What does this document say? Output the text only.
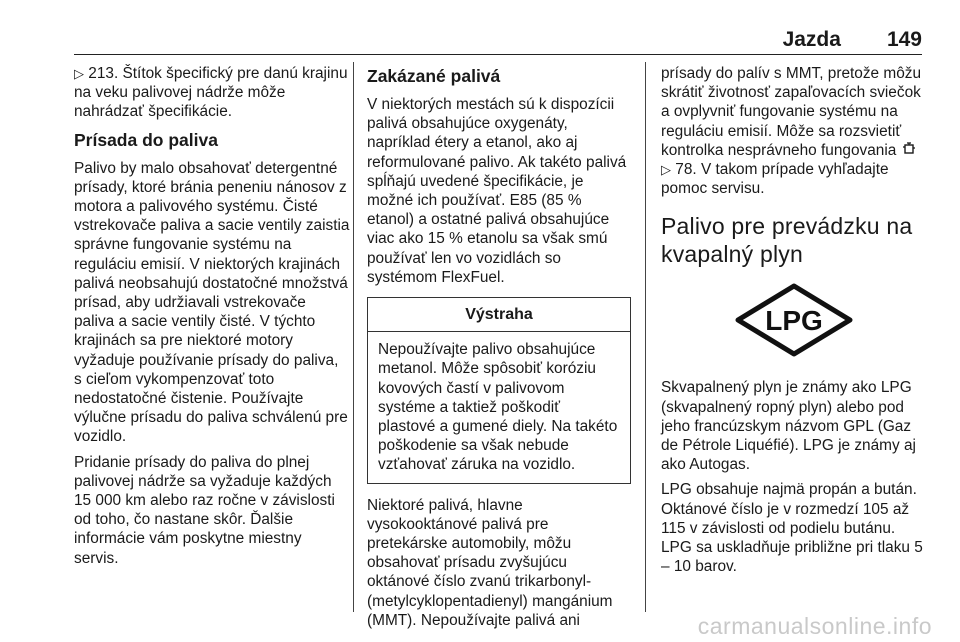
Jazda 149

▷ 213. Štítok špecifický pre danú krajinu na veku palivovej nádrže môže nahrádzať špecifikácie.

Prísada do paliva

Palivo by malo obsahovať detergentné prísady, ktoré bránia peneniu nánosov z motora a palivového systému. Čisté vstrekovače paliva a sacie ventily zaistia správne fungovanie systému na reguláciu emisií. V niektorých krajinách palivá neobsahujú dostatočné množstvá prísad, aby udržiavali vstrekovače paliva a sacie ventily čisté. V týchto krajinách sa pre niektoré motory vyžaduje používanie prísady do paliva, s cieľom vykompenzovať toto nedostatočné čistenie. Používajte výlučne prísadu do paliva schválenú pre vozidlo.

Pridanie prísady do paliva do plnej palivovej nádrže sa vyžaduje každých 15 000 km alebo raz ročne v závislosti od toho, čo nastane skôr. Ďalšie informácie vám poskytne miestny servis.

Zakázané palivá

V niektorých mestách sú k dispozícii palivá obsahujúce oxygenáty, napríklad étery a etanol, ako aj reformulované palivo. Ak takéto palivá spĺňajú uvedené špecifikácie, je možné ich používať. E85 (85 % etanol) a ostatné palivá obsahujúce viac ako 15 % etanolu sa však smú používať len vo vozidlách so systémom FlexFuel.

Výstraha
Nepoužívajte palivo obsahujúce metanol. Môže spôsobiť koróziu kovových častí v palivovom systéme a taktiež poškodiť plastové a gumené diely. Na takéto poškodenie sa však nebude vzťahovať záruka na vozidlo.

Niektoré palivá, hlavne vysokooktánové palivá pre pretekárske automobily, môžu obsahovať prísadu zvyšujúcu oktánové číslo zvanú trikarbonyl-(metylcyklopentadienyl) mangánium (MMT). Nepoužívajte palivá ani

prísady do palív s MMT, pretože môžu skrátiť životnosť zapaľovacích sviečok a ovplyvniť fungovanie systému na reguláciu emisií. Môže sa rozsvietiť kontrolka nesprávneho fungovania  ▷ 78. V takom prípade vyhľadajte pomoc servisu.

Palivo pre prevádzku na kvapalný plyn
LPG

Skvapalnený plyn je známy ako LPG (skvapalnený ropný plyn) alebo pod jeho francúzskym názvom GPL (Gaz de Pétrole Liquéfié). LPG je známy aj ako Autogas.

LPG obsahuje najmä propán a bután. Oktánové číslo je v rozmedzí 105 až 115 v závislosti od podielu butánu. LPG sa uskladňuje približne pri tlaku 5 – 10 barov.

carmanualsonline.info
